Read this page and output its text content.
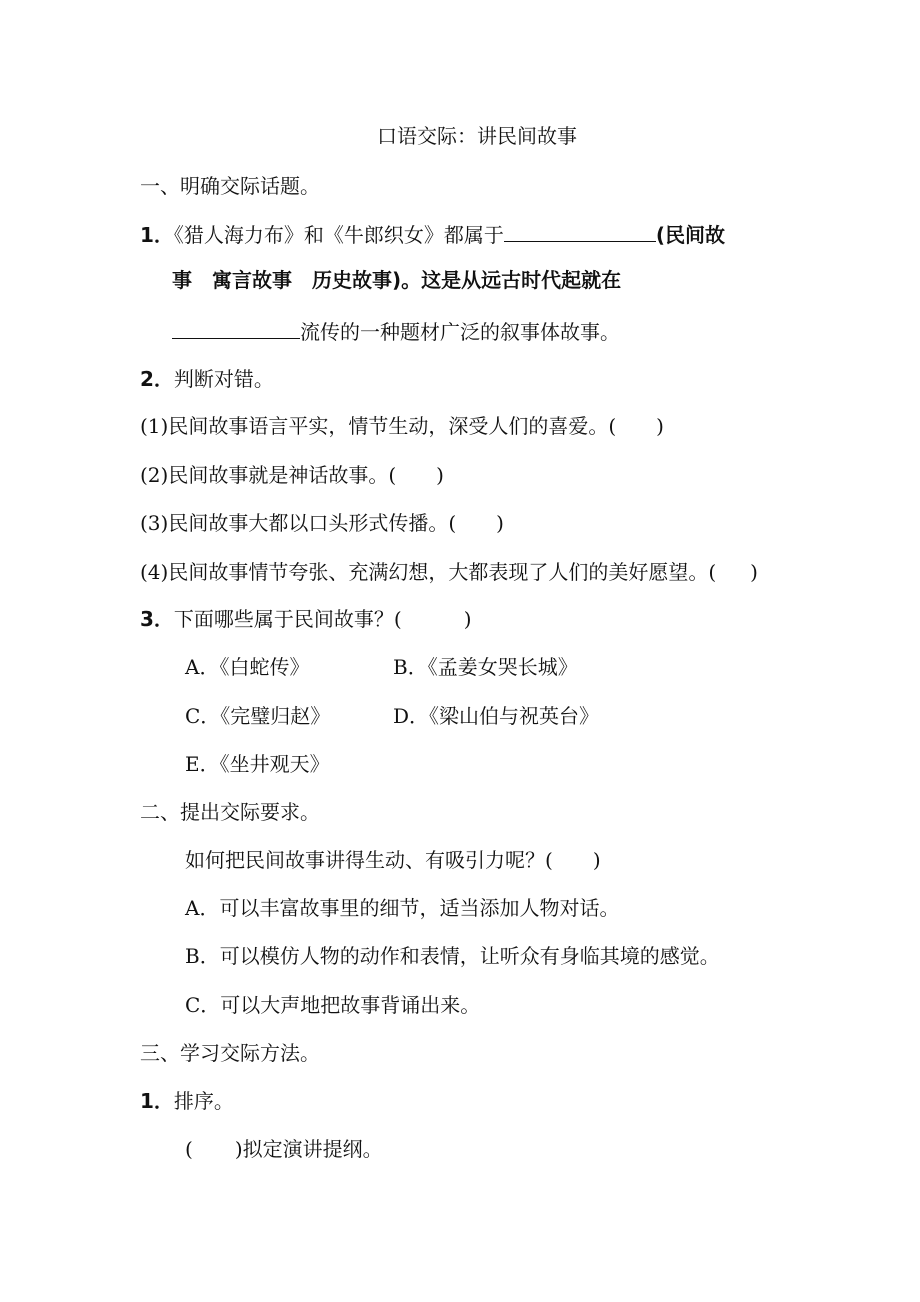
口语交际：讲民间故事
一、明确交际话题。
1．《猎人海力布》和《牛郎织女》都属于	(民间故
事　寓言故事　历史故事)。这是从远古时代起就在
流传的一种题材广泛的叙事体故事。
2．判断对错。
(1)民间故事语言平实，情节生动，深受人们的喜爱。( )
(2)民间故事就是神话故事。( )
(3)民间故事大都以口头形式传播。( )
(4)民间故事情节夸张、充满幻想，大都表现了人们的美好愿望。( )
3．下面哪些属于民间故事？(	)
A．《白蛇传》	B．《孟姜女哭长城》
C．《完璧归赵》	D．《梁山伯与祝英台》
E．《坐井观天》
二、提出交际要求。
如何把民间故事讲得生动、有吸引力呢？( )
A．可以丰富故事里的细节，适当添加人物对话。
B．可以模仿人物的动作和表情，让听众有身临其境的感觉。
C．可以大声地把故事背诵出来。
三、学习交际方法。
1．排序。
( )拟定演讲提纲。
